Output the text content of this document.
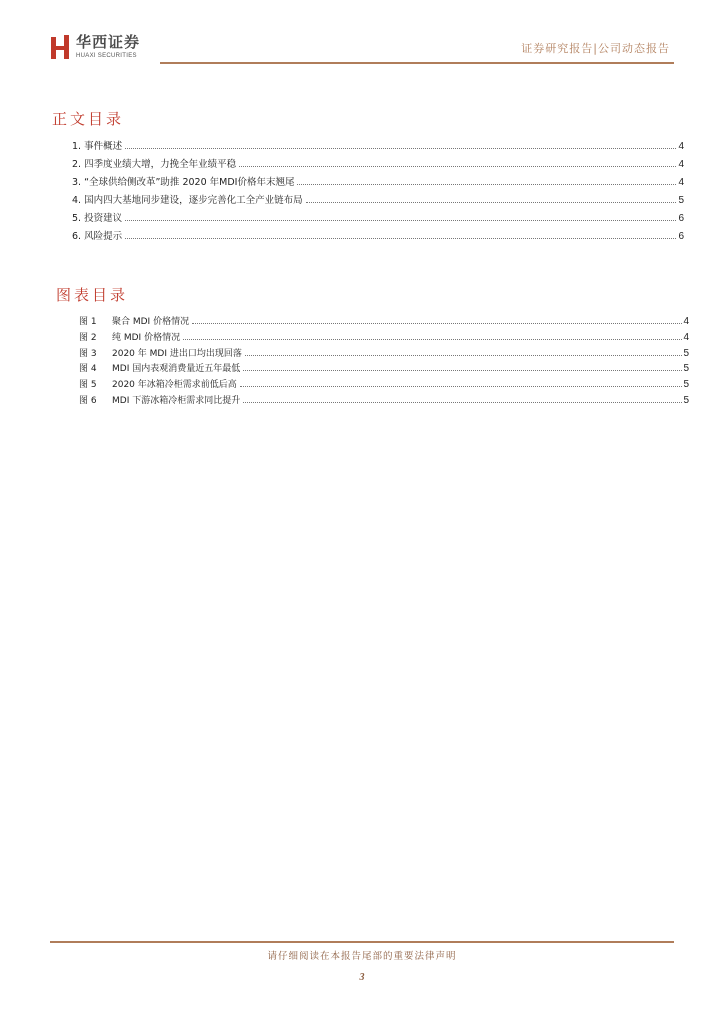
华西证券
HUAXI SECURITIES
证券研究报告|公司动态报告
正文目录
1. 事件概述	4
2. 四季度业绩大增，力挽全年业绩平稳	4
3. “全球供给侧改革”助推 2020 年MDI价格年末翘尾	4
4. 国内四大基地同步建设，逐步完善化工全产业链布局	5
5. 投资建议	6
6. 风险提示	6
图表目录
图 1	聚合 MDI 价格情况	4
图 2	纯 MDI 价格情况	4
图 3	2020 年 MDI 进出口均出现回落	5
图 4	MDI 国内表观消费量近五年最低	5
图 5	2020 年冰箱冷柜需求前低后高	5
图 6	MDI 下游冰箱冷柜需求同比提升	5
请仔细阅读在本报告尾部的重要法律声明
3
